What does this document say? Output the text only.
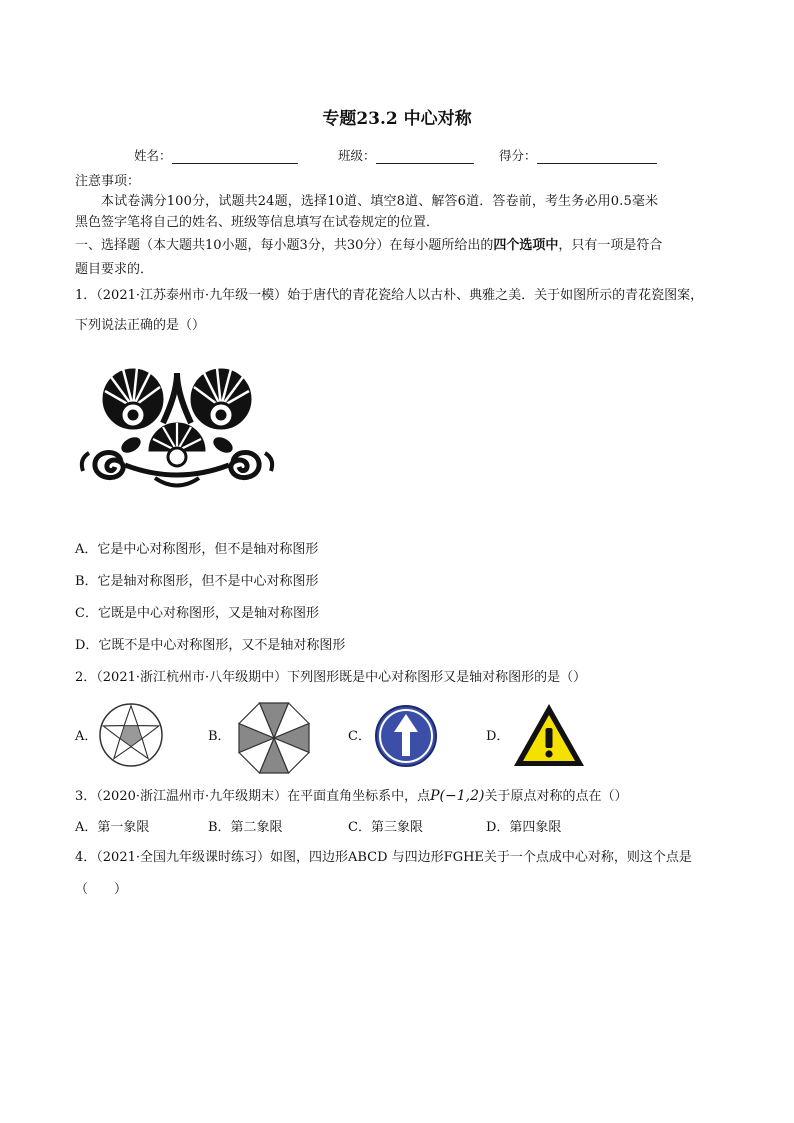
专题23.2 中心对称
姓名：	班级：	得分：
注意事项：
本试卷满分100分，试题共24题，选择10道、填空8道、解答6道．答卷前，考生务必用0.5毫米
黑色签字笔将自己的姓名、班级等信息填写在试卷规定的位置．
一、选择题（本大题共10小题，每小题3分，共30分）在每小题所给出的四个选项中，只有一项是符合
题目要求的．
1．（2021·江苏泰州市·九年级一模）始于唐代的青花瓷给人以古朴、典雅之美．关于如图所示的青花瓷图案，
下列说法正确的是（）
A．它是中心对称图形，但不是轴对称图形
B．它是轴对称图形，但不是中心对称图形
C．它既是中心对称图形，又是轴对称图形
D．它既不是中心对称图形，又不是轴对称图形
2．（2021·浙江杭州市·八年级期中）下列图形既是中心对称图形又是轴对称图形的是（）
A．	B．	C．	D．
3．（2020·浙江温州市·九年级期末）在平面直角坐标系中，点P(−1,2)关于原点对称的点在（）
A．第一象限	B．第二象限	C．第三象限	D．第四象限
4．（2021·全国九年级课时练习）如图，四边形ABCD 与四边形FGHE关于一个点成中心对称，则这个点是
（　　）
